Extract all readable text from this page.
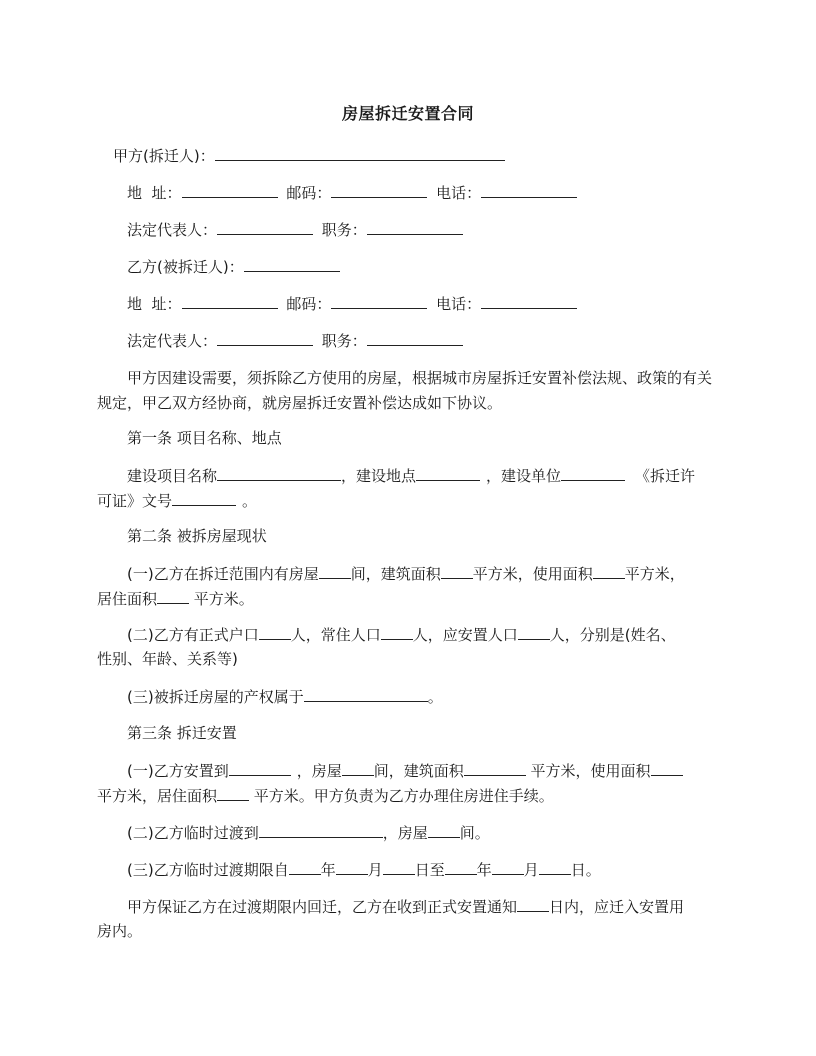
房屋拆迁安置合同
甲方(拆迁人)：
地  址：	邮码：	电话：
法定代表人：	职务：
乙方(被拆迁人)：
地  址：	邮码：	电话：
法定代表人：	职务：
甲方因建设需要，须拆除乙方使用的房屋，根据城市房屋拆迁安置补偿法规、政策的有关规定，甲乙双方经协商，就房屋拆迁安置补偿达成如下协议。
第一条 项目名称、地点
建设项目名称	，建设地点	，建设单位	《拆迁许
可证》文号	。
第二条 被拆房屋现状
(一)乙方在拆迁范围内有房屋 间，建筑面积 平方米，使用面积 平方米，
居住面积 平方米。
(二)乙方有正式户口 人，常住人口 人，应安置人口 人，分别是(姓名、
性别、年龄、关系等)
(三)被拆迁房屋的产权属于	。
第三条 拆迁安置
(一)乙方安置到	，房屋 间，建筑面积	平方米，使用面积
平方米，居住面积 平方米。甲方负责为乙方办理住房进住手续。
(二)乙方临时过渡到	，房屋 间。
(三)乙方临时过渡期限自 年 月 日至 年 月 日。
甲方保证乙方在过渡期限内回迁，乙方在收到正式安置通知 日内，应迁入安置用
房内。
